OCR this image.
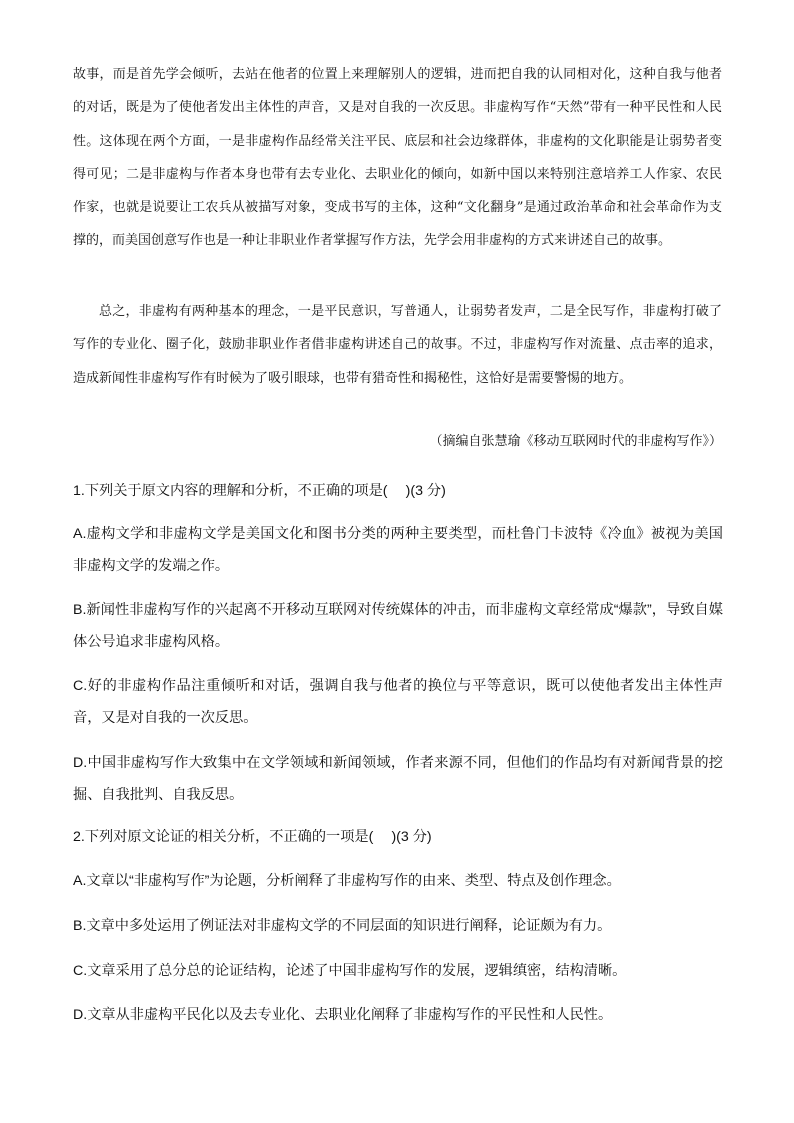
故事，而是首先学会倾听，去站在他者的位置上来理解别人的逻辑，进而把自我的认同相对化，这种自我与他者的对话，既是为了使他者发出主体性的声音，又是对自我的一次反思。非虚构写作“天然”带有一种平民性和人民性。这体现在两个方面，一是非虚构作品经常关注平民、底层和社会边缘群体，非虚构的文化职能是让弱势者变得可见；二是非虚构与作者本身也带有去专业化、去职业化的倾向，如新中国以来特别注意培养工人作家、农民作家，也就是说要让工农兵从被描写对象，变成书写的主体，这种“文化翻身”是通过政治革命和社会革命作为支撑的，而美国创意写作也是一种让非职业作者掌握写作方法，先学会用非虚构的方式来讲述自己的故事。

总之，非虚构有两种基本的理念，一是平民意识，写普通人，让弱势者发声，二是全民写作，非虚构打破了写作的专业化、圈子化，鼓励非职业作者借非虚构讲述自己的故事。不过，非虚构写作对流量、点击率的追求，造成新闻性非虚构写作有时候为了吸引眼球，也带有猎奇性和揭秘性，这恰好是需要警惕的地方。

（摘编自张慧瑜《移动互联网时代的非虚构写作》）
1.下列关于原文内容的理解和分析，不正确的项是(　 )(3 分)
A.虚构文学和非虚构文学是美国文化和图书分类的两种主要类型，而杜鲁门卡波特《冷血》被视为美国非虚构文学的发端之作。
B.新闻性非虚构写作的兴起离不开移动互联网对传统媒体的冲击，而非虚构文章经常成“爆款”，导致自媒体公号追求非虚构风格。
C.好的非虚构作品注重倾听和对话，强调自我与他者的换位与平等意识，既可以使他者发出主体性声音，又是对自我的一次反思。
D.中国非虚构写作大致集中在文学领域和新闻领域，作者来源不同，但他们的作品均有对新闻背景的挖掘、自我批判、自我反思。
2.下列对原文论证的相关分析，不正确的一项是(　 )(3 分)
A.文章以“非虚构写作”为论题，分析阐释了非虚构写作的由来、类型、特点及创作理念。
B.文章中多处运用了例证法对非虚构文学的不同层面的知识进行阐释，论证颇为有力。
C.文章采用了总分总的论证结构，论述了中国非虚构写作的发展，逻辑缜密，结构清晰。
D.文章从非虚构平民化以及去专业化、去职业化阐释了非虚构写作的平民性和人民性。
